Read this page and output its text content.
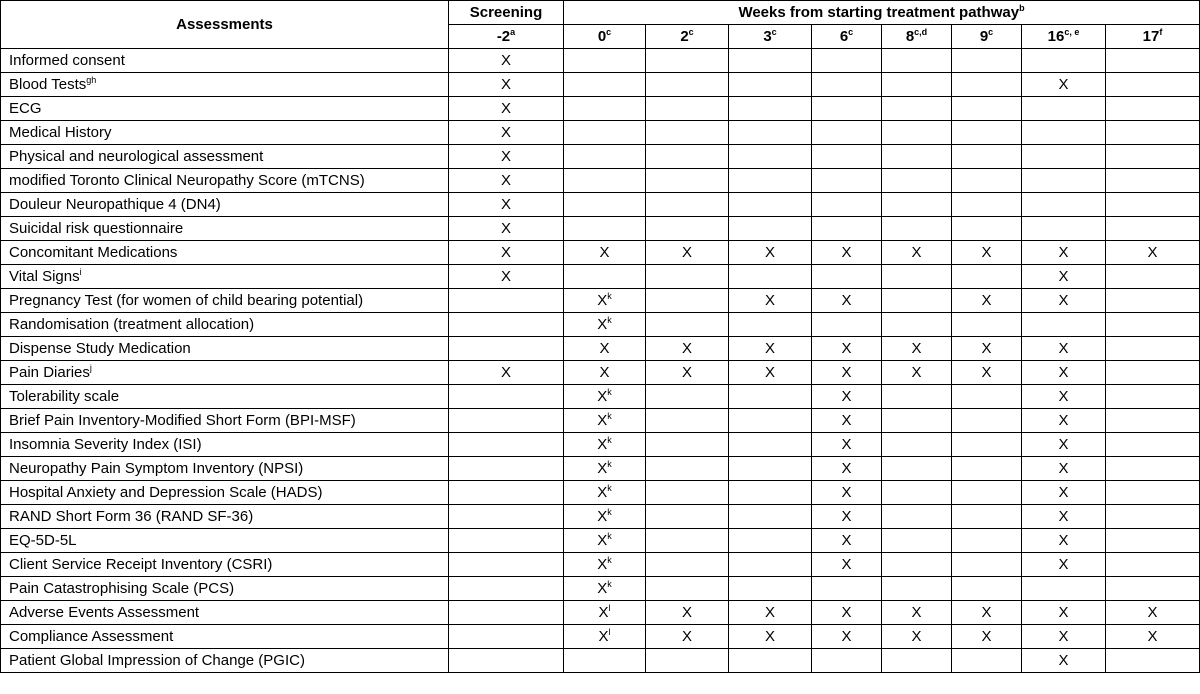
Assessments	Screening	Weeks from starting treatment pathway$^b$
	-2$^a$	0$^c$	2$^c$	3$^c$	6$^c$	8$^{c,d}$	9$^c$	16$^{c, e}$	17$^f$
Informed consent	X								
Blood Tests$^{gh}$	X							X	
ECG	X								
Medical History	X								
Physical and neurological assessment	X								
modified Toronto Clinical Neuropathy Score (mTCNS)	X								
Douleur Neuropathique 4 (DN4)	X								
Suicidal risk questionnaire	X								
Concomitant Medications	X	X	X	X	X	X	X	X	X
Vital Signs$^i$	X							X	
Pregnancy Test (for women of child bearing potential)		$X^k$		X	X		X	X	
Randomisation (treatment allocation)		$X^k$							
Dispense Study Medication		X	X	X	X	X	X	X	
Pain Diaries$^j$	X	X	X	X	X	X	X	X	
Tolerability scale		$X^k$			X			X	
Brief Pain Inventory-Modified Short Form (BPI-MSF)		$X^k$			X			X	
Insomnia Severity Index (ISI)		$X^k$			X			X	
Neuropathy Pain Symptom Inventory (NPSI)		$X^k$			X			X	
Hospital Anxiety and Depression Scale (HADS)		$X^k$			X			X	
RAND Short Form 36 (RAND SF-36)		$X^k$			X			X	
EQ-5D-5L		$X^k$			X			X	
Client Service Receipt Inventory (CSRI)		$X^k$			X			X	
Pain Catastrophising Scale (PCS)		$X^k$							
Adverse Events Assessment		$X^l$	X	X	X	X	X	X	X
Compliance Assessment		$X^l$	X	X	X	X	X	X	X
Patient Global Impression of Change (PGIC)								X	
